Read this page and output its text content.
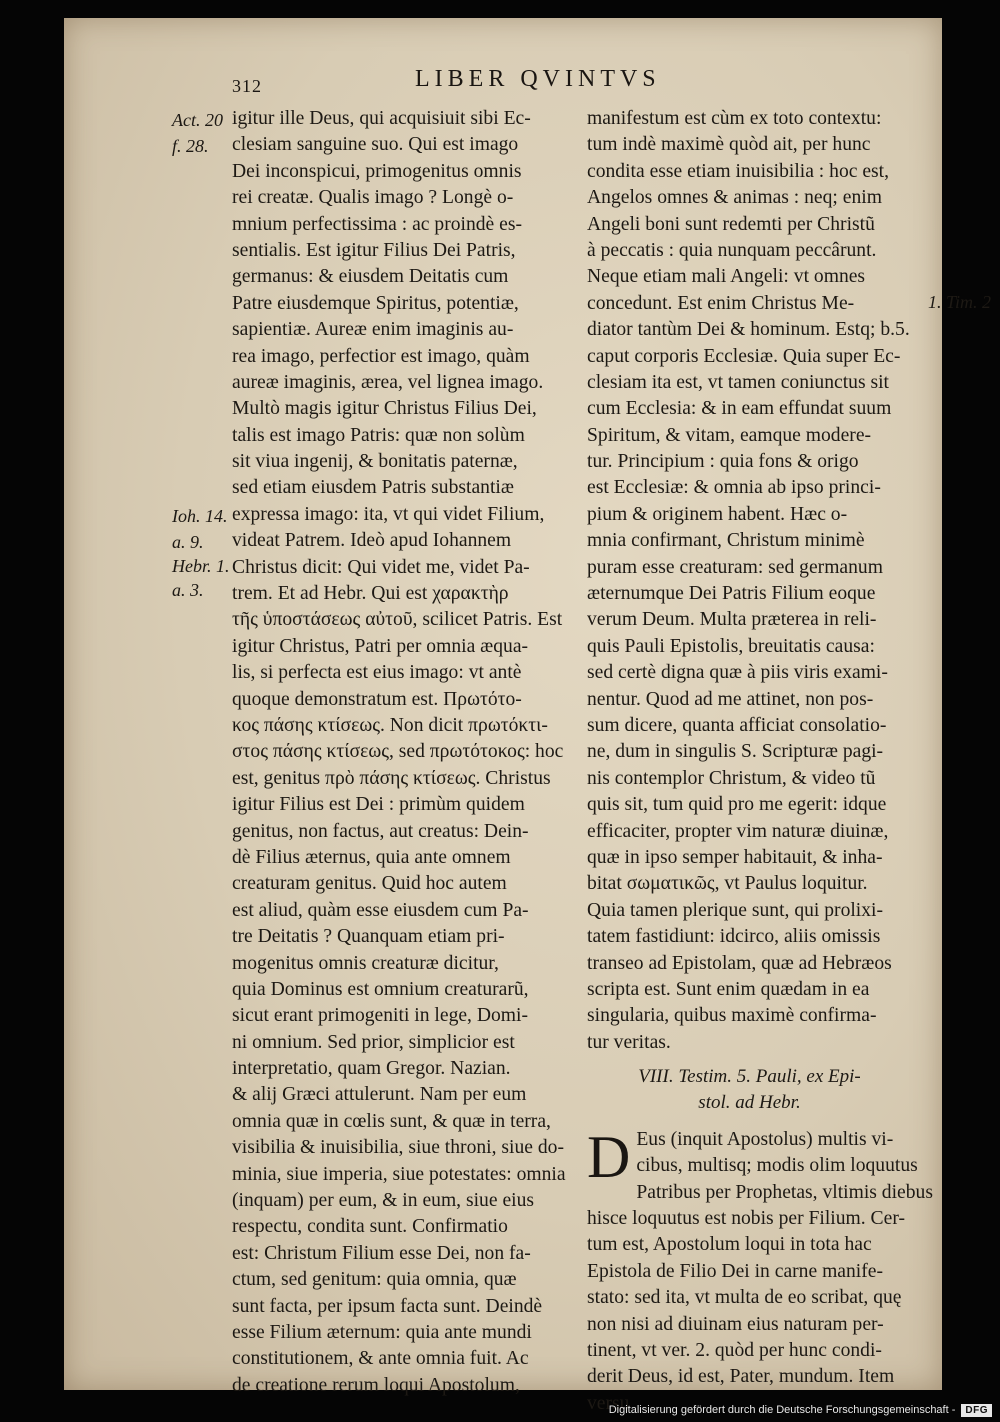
LIBER QVINTVS
312
igitur ille Deus, qui acquisiuit sibi Ec-
clesiam sanguine suo. Qui est imago
Dei inconspicui, primogenitus omnis
rei creatæ. Qualis imago ? Longè o-
mnium perfectissima : ac proindè es-
sentialis. Est igitur Filius Dei Patris,
germanus: & eiusdem Deitatis cum
Patre eiusdemque Spiritus, potentiæ,
sapientiæ. Aureæ enim imaginis au-
rea imago, perfectior est imago, quàm
aureæ imaginis, ærea, vel lignea imago.
Multò magis igitur Christus Filius Dei,
talis est imago Patris: quæ non solùm
sit viua ingenij, & bonitatis paternæ,
sed etiam eiusdem Patris substantiæ
expressa imago: ita, vt qui videt Filium,
videat Patrem. Ideò apud Iohannem
Christus dicit: Qui videt me, videt Pa-
trem. Et ad Hebr. Qui est χαρακτὴρ
τῆς ὑποστάσεως αὐτοῦ, scilicet Patris. Est
igitur Christus, Patri per omnia æqua-
lis, si perfecta est eius imago: vt antè
quoque demonstratum est. Πρωτότο-
κος πάσης κτίσεως. Non dicit πρωτόκτι-
στος πάσης κτίσεως, sed πρωτότοκος: hoc
est, genitus πρὸ πάσης κτίσεως. Christus
igitur Filius est Dei : primùm quidem
genitus, non factus, aut creatus: Dein-
dè Filius æternus, quia ante omnem
creaturam genitus. Quid hoc autem
est aliud, quàm esse eiusdem cum Pa-
tre Deitatis ? Quanquam etiam pri-
mogenitus omnis creaturæ dicitur,
quia Dominus est omnium creaturarũ,
sicut erant primogeniti in lege, Domi-
ni omnium. Sed prior, simplicior est
interpretatio, quam Gregor. Nazian.
& alij Græci attulerunt. Nam per eum
omnia quæ in cœlis sunt, & quæ in terra,
visibilia & inuisibilia, siue throni, siue do-
minia, siue imperia, siue potestates: omnia
(inquam) per eum, & in eum, siue eius
respectu, condita sunt. Confirmatio
est: Christum Filium esse Dei, non fa-
ctum, sed genitum: quia omnia, quæ
sunt facta, per ipsum facta sunt. Deindè
esse Filium æternum: quia ante mundi
constitutionem, & ante omnia fuit. Ac
de creatione rerum loqui Apostolum,
manifestum est cùm ex toto contextu:
tum indè maximè quòd ait, per hunc
condita esse etiam inuisibilia : hoc est,
Angelos omnes & animas : neq; enim
Angeli boni sunt redemti per Christũ
à peccatis : quia nunquam peccârunt.
Neque etiam mali Angeli: vt omnes
concedunt. Est enim Christus Me-
diator tantùm Dei & hominum. Estq; b.5.
caput corporis Ecclesiæ. Quia super Ec-
clesiam ita est, vt tamen coniunctus sit
cum Ecclesia: & in eam effundat suum
Spiritum, & vitam, eamque modere-
tur. Principium : quia fons & origo
est Ecclesiæ: & omnia ab ipso princi-
pium & originem habent. Hæc o-
mnia confirmant, Christum minimè
puram esse creaturam: sed germanum
æternumque Dei Patris Filium eoque
verum Deum. Multa præterea in reli-
quis Pauli Epistolis, breuitatis causa:
sed certè digna quæ à piis viris exami-
nentur. Quod ad me attinet, non pos-
sum dicere, quanta afficiat consolatio-
ne, dum in singulis S. Scripturæ pagi-
nis contemplor Christum, & video tũ
quis sit, tum quid pro me egerit: idque
efficaciter, propter vim naturæ diuinæ,
quæ in ipso semper habitauit, & inha-
bitat σωματικῶς, vt Paulus loquitur.
Quia tamen plerique sunt, qui prolixi-
tatem fastidiunt: idcirco, aliis omissis
transeo ad Epistolam, quæ ad Hebræos
scripta est. Sunt enim quædam in ea
singularia, quibus maximè confirma-
tur veritas.
VIII. Testim. 5. Pauli, ex Epi-
stol. ad Hebr.
D Eus (inquit Apostolus) multis vi-
cibus, multisq; modis olim loquutus
Patribus per Prophetas, vltimis diebus
hisce loquutus est nobis per Filium. Cer-
tum est, Apostolum loqui in tota hac
Epistola de Filio Dei in carne manife-
stato: sed ita, vt multa de eo scribat, quę
non nisi ad diuinam eius naturam per-
tinent, vt ver. 2. quòd per hunc condi-
derit Deus, id est, Pater, mundum. Item
versu
Act. 20
f. 28.
Ioh. 14.
a. 9.
Hebr. 1.
a. 3.
1. Tim. 2
Digitalisierung gefördert durch die Deutsche Forschungsgemeinschaft -	DFG
